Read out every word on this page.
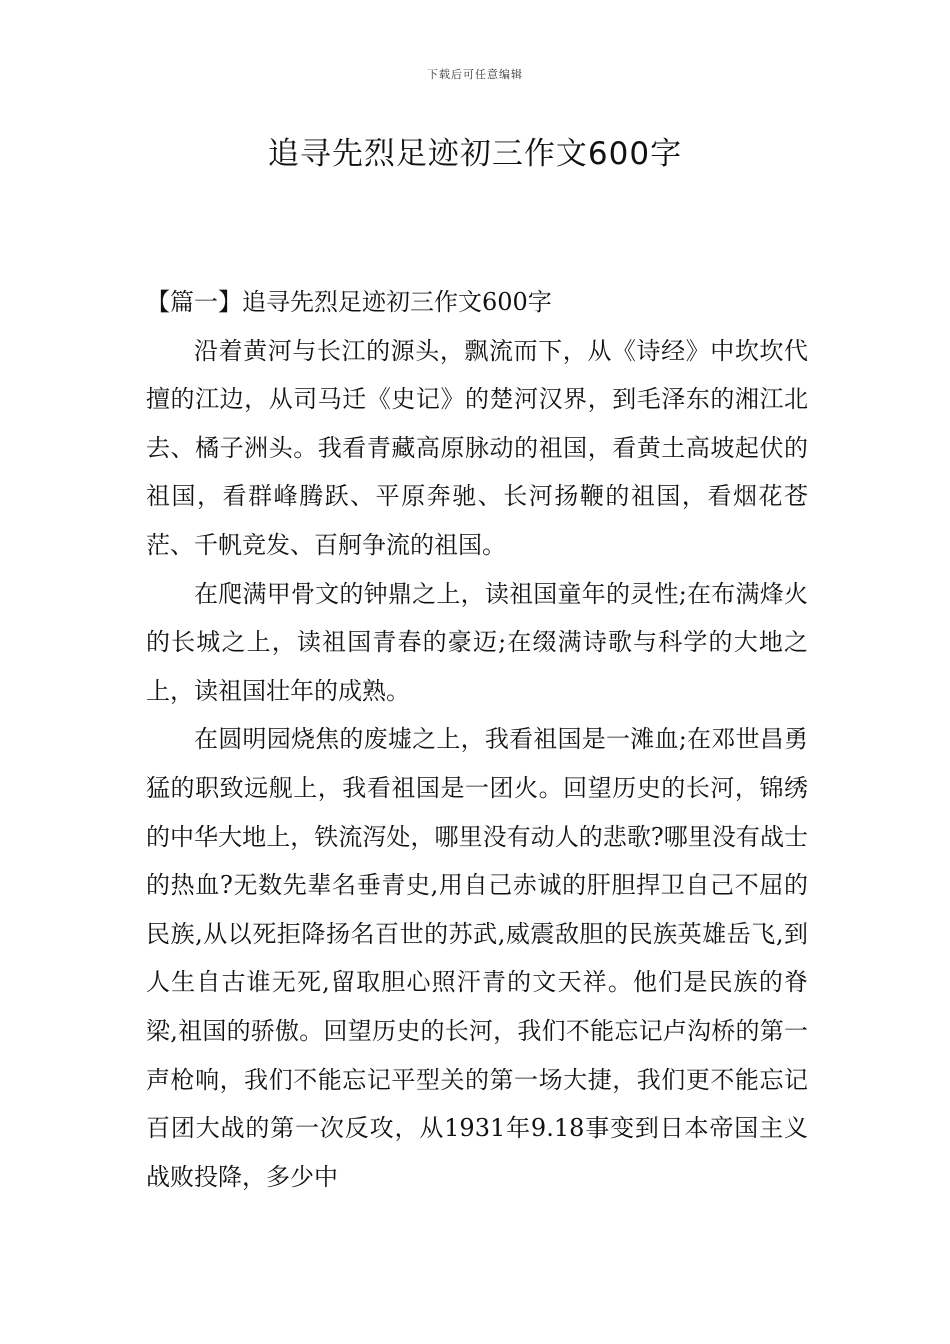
下载后可任意编辑
追寻先烈足迹初三作文600字

【篇一】追寻先烈足迹初三作文600字

沿着黄河与长江的源头，飘流而下，从《诗经》中坎坎代擅的江边，从司马迁《史记》的楚河汉界，到毛泽东的湘江北去、橘子洲头。我看青藏高原脉动的祖国，看黄土高坡起伏的祖国，看群峰腾跃、平原奔驰、长河扬鞭的祖国，看烟花苍茫、千帆竞发、百舸争流的祖国。

在爬满甲骨文的钟鼎之上，读祖国童年的灵性;在布满烽火的长城之上，读祖国青春的豪迈;在缀满诗歌与科学的大地之上，读祖国壮年的成熟。

在圆明园烧焦的废墟之上，我看祖国是一滩血;在邓世昌勇猛的职致远舰上，我看祖国是一团火。回望历史的长河，锦绣的中华大地上，铁流泻处，哪里没有动人的悲歌?哪里没有战士的热血?无数先辈名垂青史,用自己赤诚的肝胆捍卫自己不屈的民族,从以死拒降扬名百世的苏武,威震敌胆的民族英雄岳飞,到人生自古谁无死,留取胆心照汗青的文天祥。他们是民族的脊梁,祖国的骄傲。回望历史的长河，我们不能忘记卢沟桥的第一声枪响，我们不能忘记平型关的第一场大捷，我们更不能忘记百团大战的第一次反攻，从1931年9.18事变到日本帝国主义战败投降，多少中
